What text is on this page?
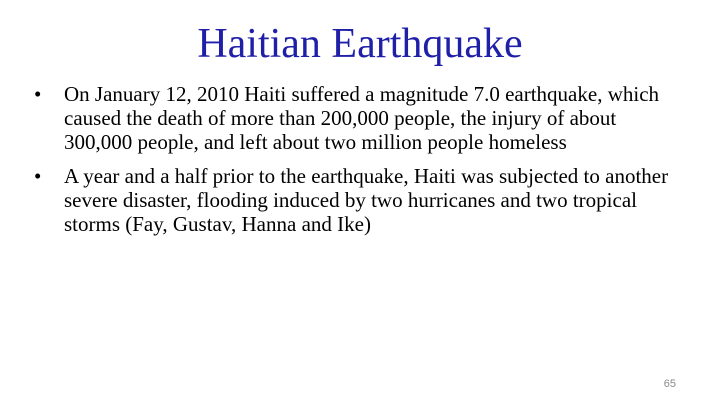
Haitian Earthquake
•	On January 12, 2010 Haiti suffered a magnitude 7.0 earthquake, which caused the death of more than 200,000 people, the injury of about 300,000 people, and left about two million people homeless
•	A year and a half prior to the earthquake, Haiti was subjected to another severe disaster, flooding induced by two hurricanes and two tropical storms (Fay, Gustav, Hanna and Ike)
65
